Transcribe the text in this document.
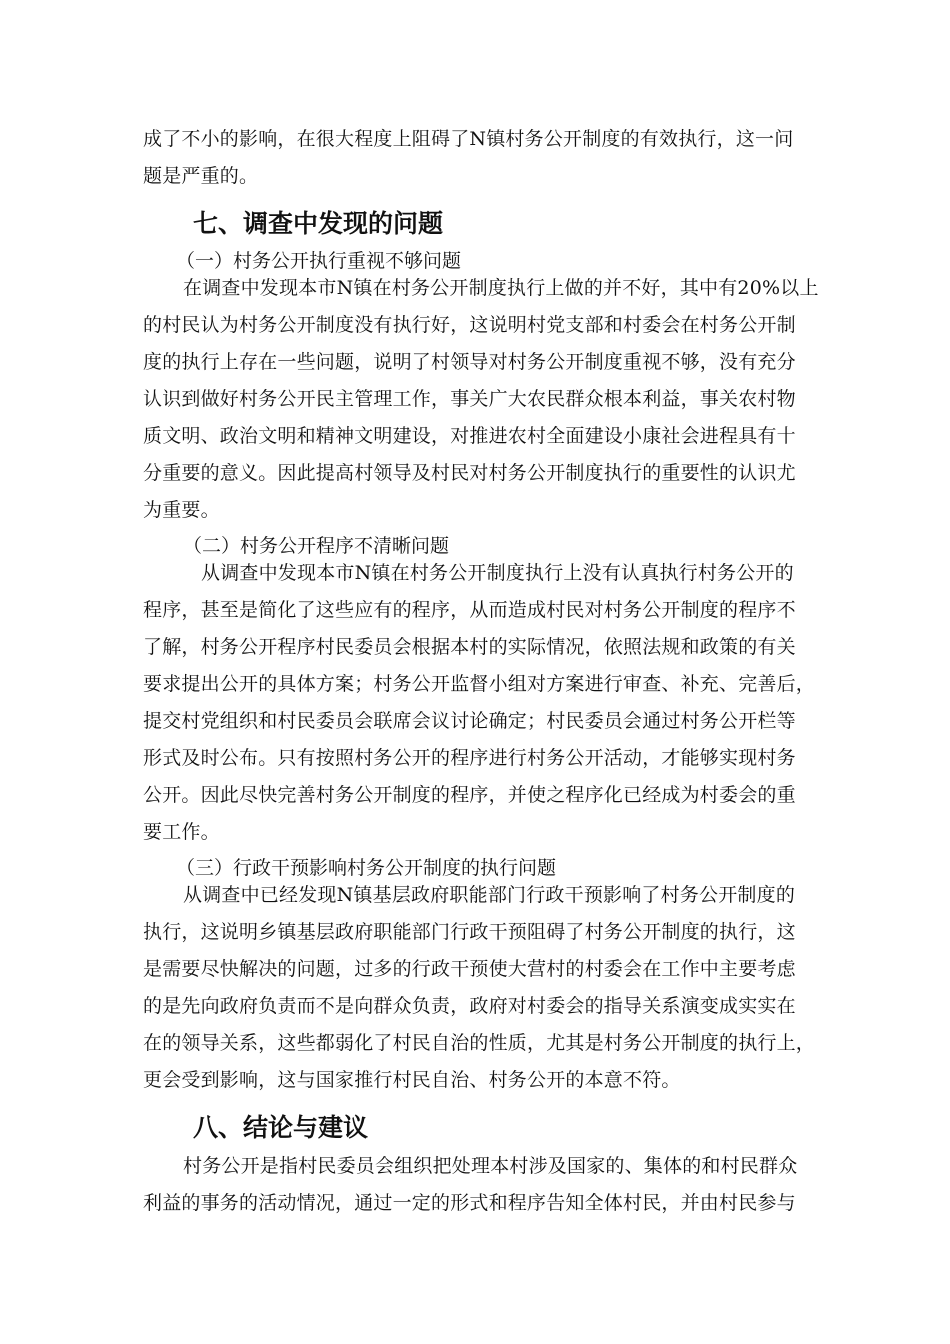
成了不小的影响，在很大程度上阻碍了N镇村务公开制度的有效执行，这一问
题是严重的。
七、调查中发现的问题
（一）村务公开执行重视不够问题
在调查中发现本市N镇在村务公开制度执行上做的并不好，其中有20%以上
的村民认为村务公开制度没有执行好，这说明村党支部和村委会在村务公开制
度的执行上存在一些问题，说明了村领导对村务公开制度重视不够，没有充分
认识到做好村务公开民主管理工作，事关广大农民群众根本利益，事关农村物
质文明、政治文明和精神文明建设，对推进农村全面建设小康社会进程具有十
分重要的意义。因此提高村领导及村民对村务公开制度执行的重要性的认识尤
为重要。
（二）村务公开程序不清晰问题
从调查中发现本市N镇在村务公开制度执行上没有认真执行村务公开的
程序，甚至是简化了这些应有的程序，从而造成村民对村务公开制度的程序不
了解，村务公开程序村民委员会根据本村的实际情况，依照法规和政策的有关
要求提出公开的具体方案；村务公开监督小组对方案进行审查、补充、完善后，
提交村党组织和村民委员会联席会议讨论确定；村民委员会通过村务公开栏等
形式及时公布。只有按照村务公开的程序进行村务公开活动，才能够实现村务
公开。因此尽快完善村务公开制度的程序，并使之程序化已经成为村委会的重
要工作。
（三）行政干预影响村务公开制度的执行问题
从调查中已经发现N镇基层政府职能部门行政干预影响了村务公开制度的
执行，这说明乡镇基层政府职能部门行政干预阻碍了村务公开制度的执行，这
是需要尽快解决的问题，过多的行政干预使大营村的村委会在工作中主要考虑
的是先向政府负责而不是向群众负责，政府对村委会的指导关系演变成实实在
在的领导关系，这些都弱化了村民自治的性质，尤其是村务公开制度的执行上，
更会受到影响，这与国家推行村民自治、村务公开的本意不符。
八、结论与建议
村务公开是指村民委员会组织把处理本村涉及国家的、集体的和村民群众
利益的事务的活动情况，通过一定的形式和程序告知全体村民，并由村民参与
